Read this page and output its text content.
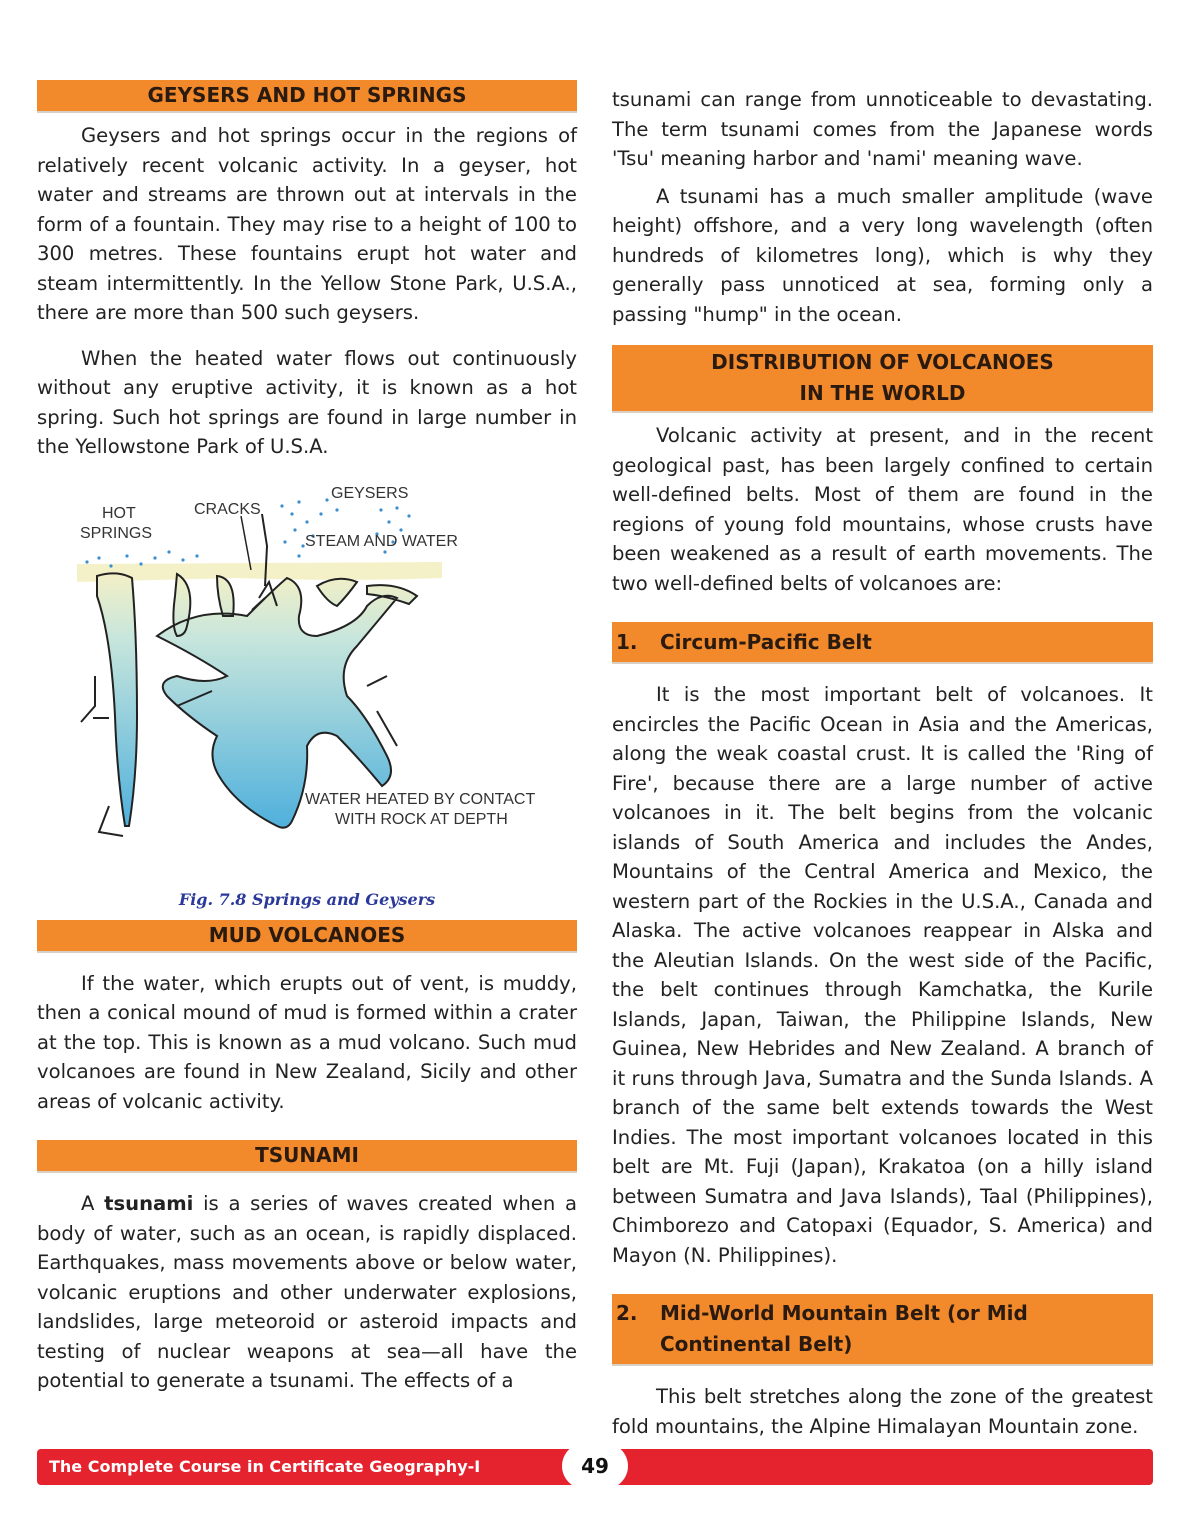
GEYSERS AND HOT SPRINGS

Geysers and hot springs occur in the regions of relatively recent volcanic activity. In a geyser, hot water and streams are thrown out at intervals in the form of a fountain. They may rise to a height of 100 to 300 metres. These fountains erupt hot water and steam intermittently. In the Yellow Stone Park, U.S.A., there are more than 500 such geysers.

When the heated water flows out continuously without any eruptive activity, it is known as a hot spring. Such hot springs are found in large number in the Yellowstone Park of U.S.A.

HOT
SPRINGS
CRACKS
GEYSERS
STEAM AND WATER
WATER HEATED BY CONTACT
WITH ROCK AT DEPTH
Fig. 7.8 Springs and Geysers
MUD VOLCANOES

If the water, which erupts out of vent, is muddy, then a conical mound of mud is formed within a crater at the top. This is known as a mud volcano. Such mud volcanoes are found in New Zealand, Sicily and other areas of volcanic activity.

TSUNAMI

A tsunami is a series of waves created when a body of water, such as an ocean, is rapidly displaced. Earthquakes, mass movements above or below water, volcanic eruptions and other underwater explosions, landslides, large meteoroid or asteroid impacts and testing of nuclear weapons at sea—all have the potential to generate a tsunami. The effects of a

tsunami can range from unnoticeable to devastating. The term tsunami comes from the Japanese words 'Tsu' meaning harbor and 'nami' meaning wave.

A tsunami has a much smaller amplitude (wave height) offshore, and a very long wavelength (often hundreds of kilometres long), which is why they generally pass unnoticed at sea, forming only a passing "hump" in the ocean.

DISTRIBUTION OF VOLCANOES
IN THE WORLD

Volcanic activity at present, and in the recent geological past, has been largely confined to certain well-defined belts. Most of them are found in the regions of young fold mountains, whose crusts have been weakened as a result of earth movements. The two well-defined belts of volcanoes are:

1.	Circum-Pacific Belt

It is the most important belt of volcanoes. It encircles the Pacific Ocean in Asia and the Americas, along the weak coastal crust. It is called the 'Ring of Fire', because there are a large number of active volcanoes in it. The belt begins from the volcanic islands of South America and includes the Andes, Mountains of the Central America and Mexico, the western part of the Rockies in the U.S.A., Canada and Alaska. The active volcanoes reappear in Alska and the Aleutian Islands. On the west side of the Pacific, the belt continues through Kamchatka, the Kurile Islands, Japan, Taiwan, the Philippine Islands, New Guinea, New Hebrides and New Zealand. A branch of it runs through Java, Sumatra and the Sunda Islands. A branch of the same belt extends towards the West Indies. The most important volcanoes located in this belt are Mt. Fuji (Japan), Krakatoa (on a hilly island between Sumatra and Java Islands), Taal (Philippines), Chimborezo and Catopaxi (Equador, S. America) and Mayon (N. Philippines).

2.	Mid-World Mountain Belt (or Mid Continental Belt)

This belt stretches along the zone of the greatest fold mountains, the Alpine Himalayan Mountain zone.

The Complete Course in Certificate Geography-I	49
